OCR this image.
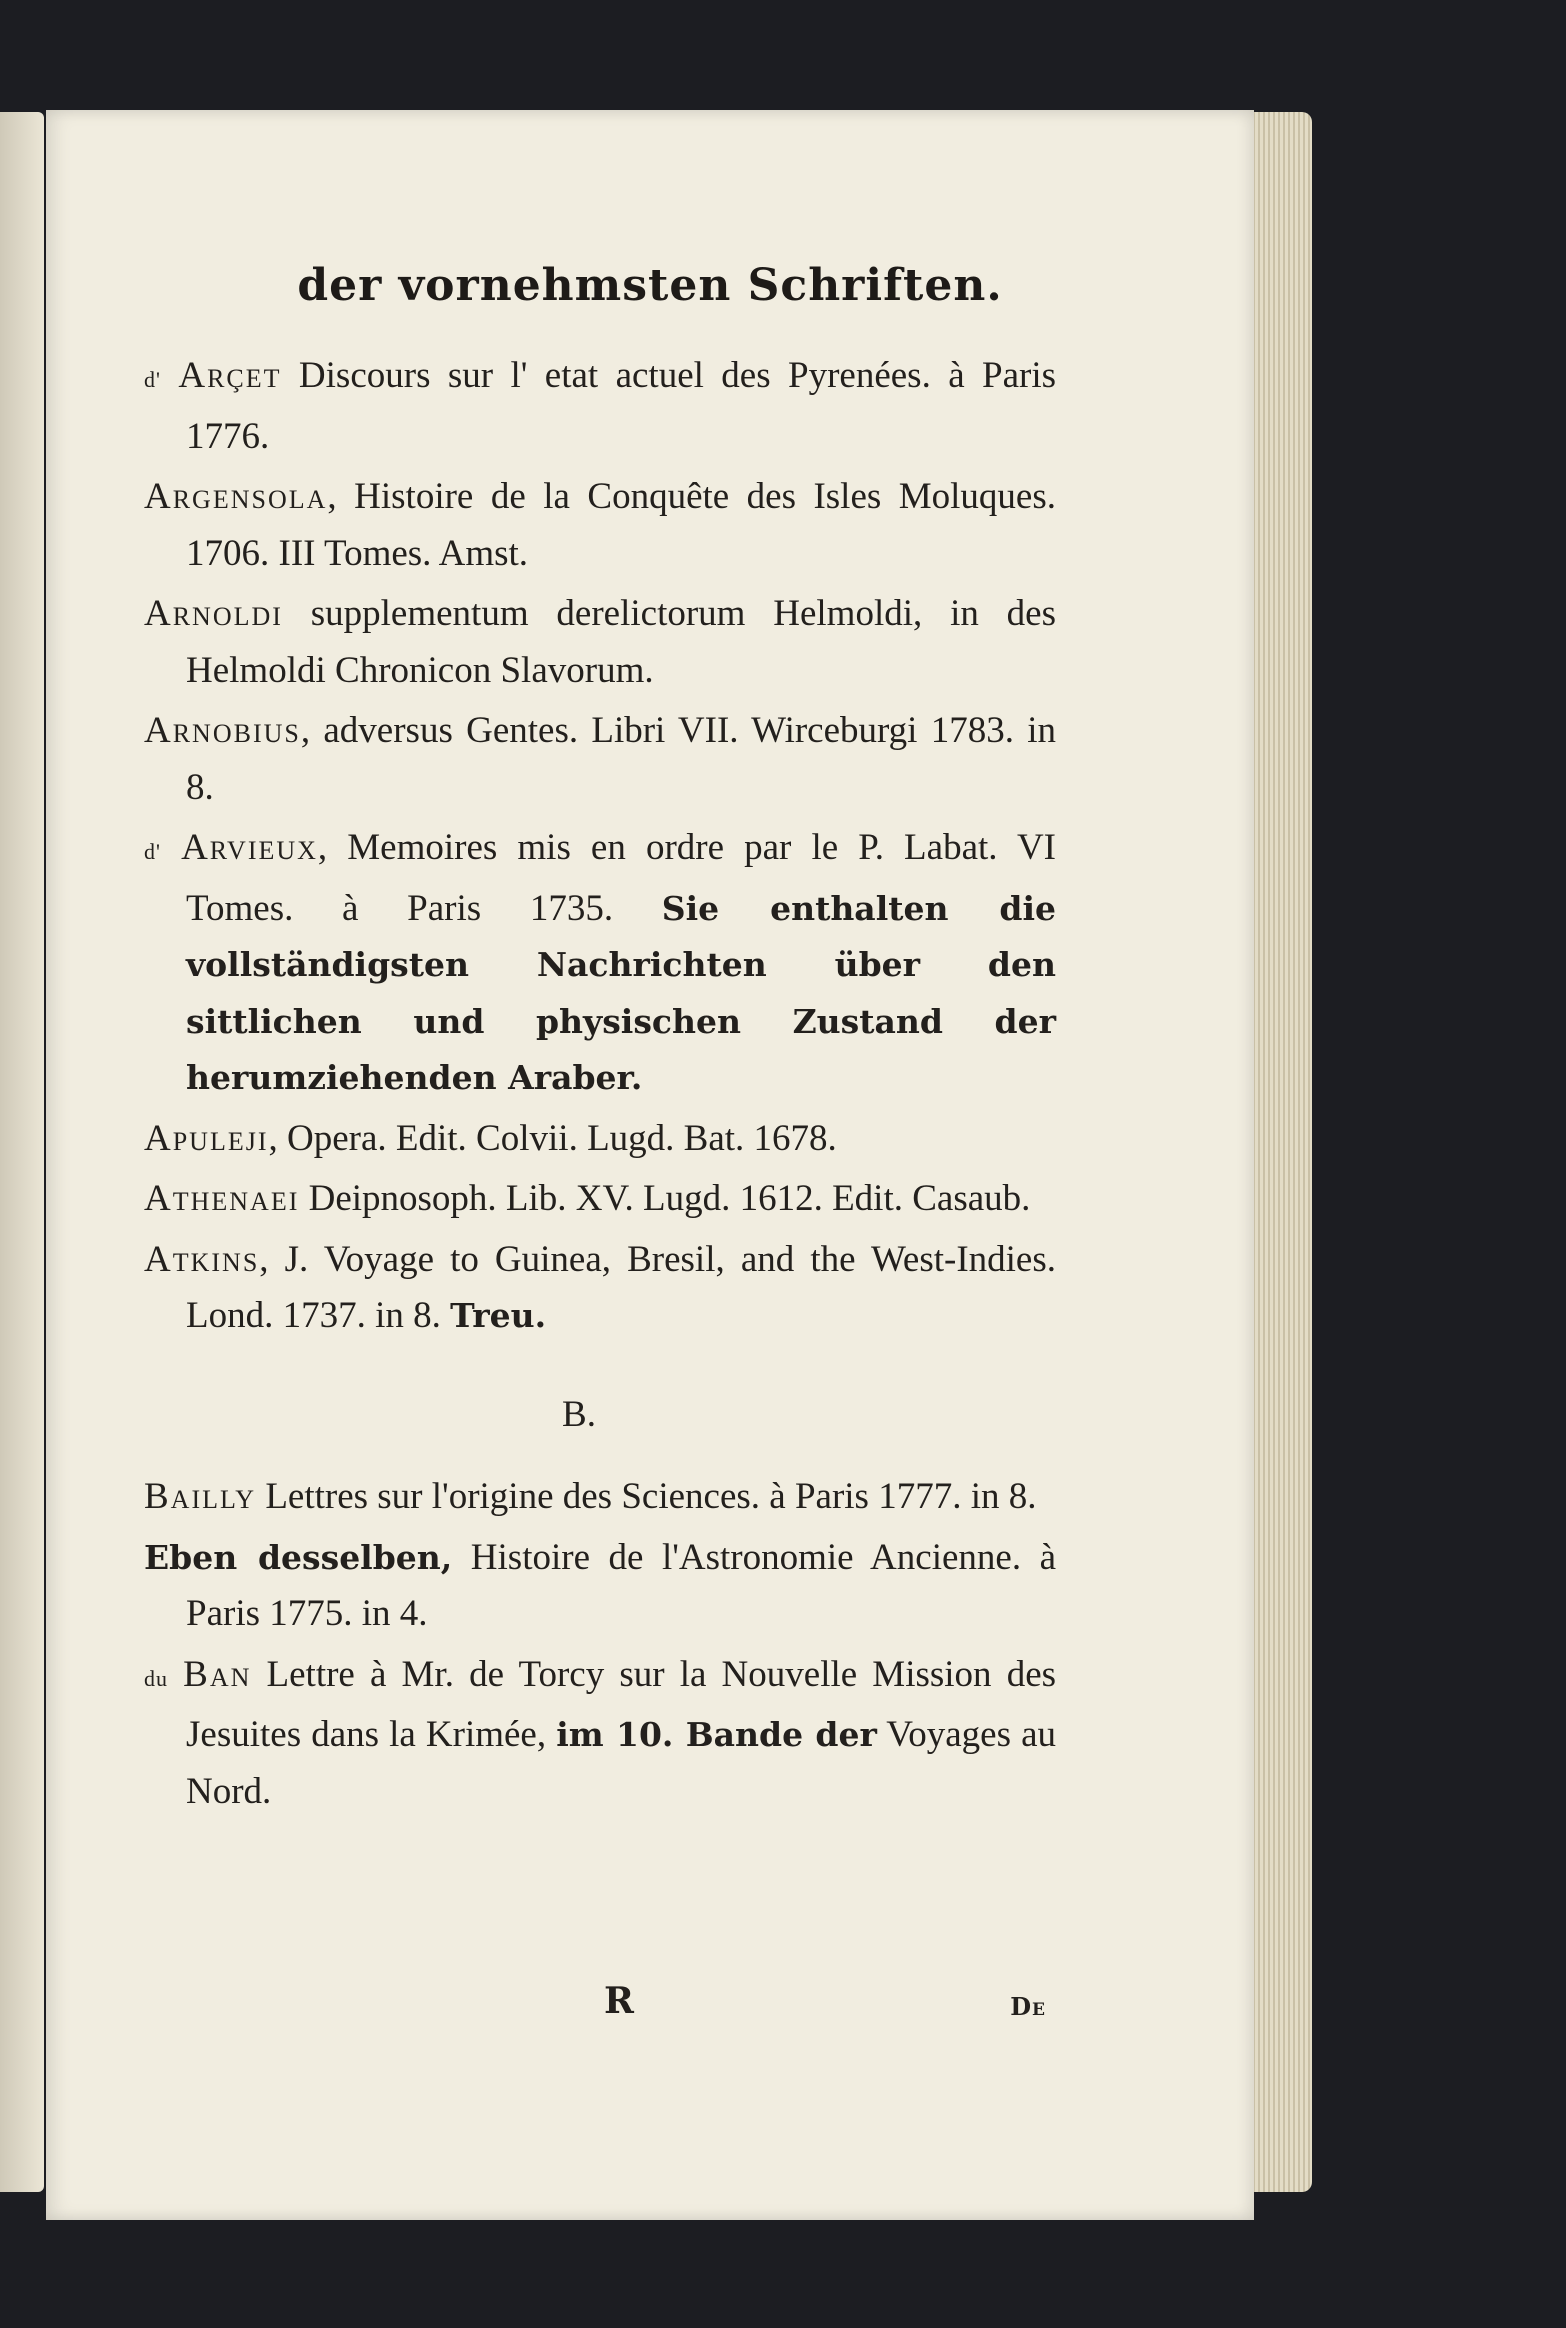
der vornehmsten Schriften.

d' Arçet Discours sur l' etat actuel des Pyrenées. à Paris 1776.

Argensola, Histoire de la Conquête des Isles Moluques. 1706. III Tomes. Amst.

Arnoldi supplementum derelictorum Helmoldi, in des Helmoldi Chronicon Slavorum.

Arnobius, adversus Gentes. Libri VII. Wirceburgi 1783. in 8.

d' Arvieux, Memoires mis en ordre par le P. Labat. VI Tomes. à Paris 1735. Sie enthalten die vollständigsten Nachrichten über den sittlichen und physischen Zustand der herumziehenden Araber.

Apuleji, Opera. Edit. Colvii. Lugd. Bat. 1678.

Athenaei Deipnosoph. Lib. XV. Lugd. 1612. Edit. Casaub.

Atkins, J. Voyage to Guinea, Bresil, and the West-Indies. Lond. 1737. in 8. Treu.

B.

Bailly Lettres sur l'origine des Sciences. à Paris 1777. in 8.

Eben desselben, Histoire de l'Astronomie Ancienne. à Paris 1775. in 4.

du Ban Lettre à Mr. de Torcy sur la Nouvelle Mission des Jesuites dans la Krimée, im 10. Bande der Voyages au Nord.

R	De
